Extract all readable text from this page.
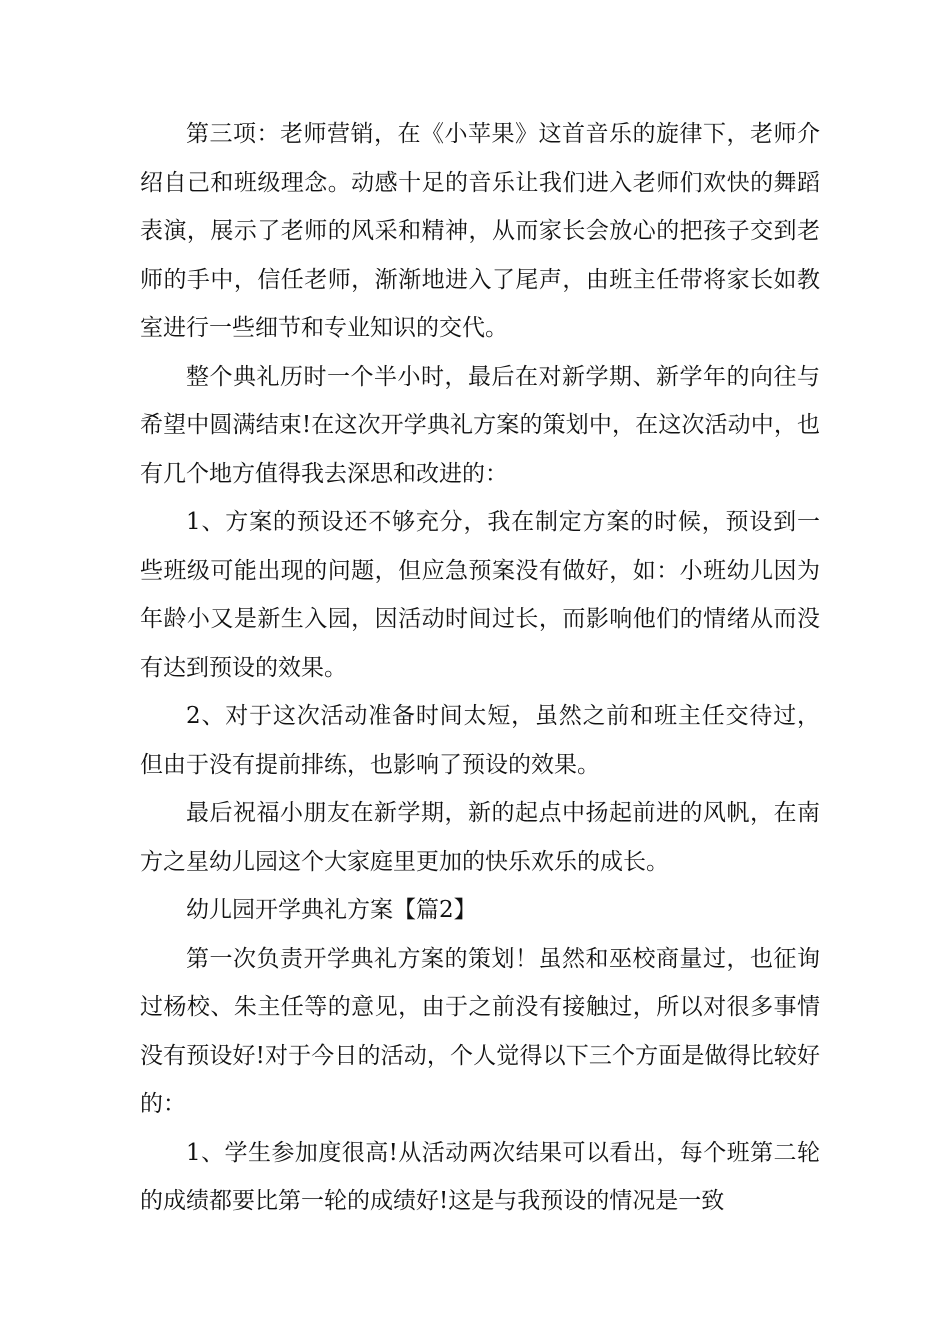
第三项：老师营销，在《小苹果》这首音乐的旋律下，老师介绍自己和班级理念。动感十足的音乐让我们进入老师们欢快的舞蹈表演，展示了老师的风采和精神，从而家长会放心的把孩子交到老师的手中，信任老师，渐渐地进入了尾声，由班主任带将家长如教室进行一些细节和专业知识的交代。

整个典礼历时一个半小时，最后在对新学期、新学年的向往与希望中圆满结束!在这次开学典礼方案的策划中，在这次活动中，也有几个地方值得我去深思和改进的：

1、方案的预设还不够充分，我在制定方案的时候，预设到一些班级可能出现的问题，但应急预案没有做好，如：小班幼儿因为年龄小又是新生入园，因活动时间过长，而影响他们的情绪从而没有达到预设的效果。

2、对于这次活动准备时间太短，虽然之前和班主任交待过，但由于没有提前排练，也影响了预设的效果。

最后祝福小朋友在新学期，新的起点中扬起前进的风帆，在南方之星幼儿园这个大家庭里更加的快乐欢乐的成长。

幼儿园开学典礼方案【篇2】

第一次负责开学典礼方案的策划！虽然和巫校商量过，也征询过杨校、朱主任等的意见，由于之前没有接触过，所以对很多事情没有预设好!对于今日的活动，个人觉得以下三个方面是做得比较好的：

1、学生参加度很高!从活动两次结果可以看出，每个班第二轮的成绩都要比第一轮的成绩好!这是与我预设的情况是一致
